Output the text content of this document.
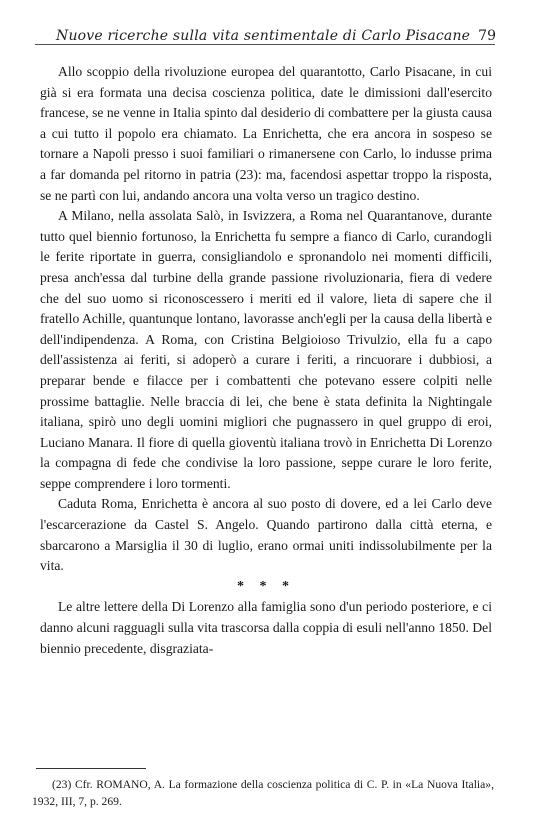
Nuove ricerche sulla vita sentimentale di Carlo Pisacane 79

Allo scoppio della rivoluzione europea del quarantotto, Carlo Pisacane, in cui già si era formata una decisa coscienza politica, date le dimissioni dall'esercito francese, se ne venne in Italia spinto dal desiderio di combattere per la giusta causa a cui tutto il popolo era chiamato. La Enrichetta, che era ancora in sospeso se tornare a Napoli presso i suoi familiari o rimanersene con Carlo, lo indusse prima a far domanda pel ritorno in patria (23): ma, facendosi aspettar troppo la risposta, se ne partì con lui, andando ancora una volta verso un tragico destino.

A Milano, nella assolata Salò, in Isvizzera, a Roma nel Quarantanove, durante tutto quel biennio fortunoso, la Enrichetta fu sempre a fianco di Carlo, curandogli le ferite riportate in guerra, consigliandolo e spronandolo nei momenti difficili, presa anch'essa dal turbine della grande passione rivoluzionaria, fiera di vedere che del suo uomo si riconoscessero i meriti ed il valore, lieta di sapere che il fratello Achille, quantunque lontano, lavorasse anch'egli per la causa della libertà e dell'indipendenza. A Roma, con Cristina Belgioioso Trivulzio, ella fu a capo dell'assistenza ai feriti, si adoperò a curare i feriti, a rincuorare i dubbiosi, a preparar bende e filacce per i combattenti che potevano essere colpiti nelle prossime battaglie. Nelle braccia di lei, che bene è stata definita la Nightingale italiana, spirò uno degli uomini migliori che pugnassero in quel gruppo di eroi, Luciano Manara. Il fiore di quella gioventù italiana trovò in Enrichetta Di Lorenzo la compagna di fede che condivise la loro passione, seppe curare le loro ferite, seppe comprendere i loro tormenti.

Caduta Roma, Enrichetta è ancora al suo posto di dovere, ed a lei Carlo deve l'escarcerazione da Castel S. Angelo. Quando partirono dalla città eterna, e sbarcarono a Marsiglia il 30 di luglio, erano ormai uniti indissolubilmente per la vita.

* * *

Le altre lettere della Di Lorenzo alla famiglia sono d'un periodo posteriore, e ci danno alcuni ragguagli sulla vita trascorsa dalla coppia di esuli nell'anno 1850. Del biennio precedente, disgraziata-

(23) Cfr. ROMANO, A. La formazione della coscienza politica di C. P. in «La Nuova Italia», 1932, III, 7, p. 269.
